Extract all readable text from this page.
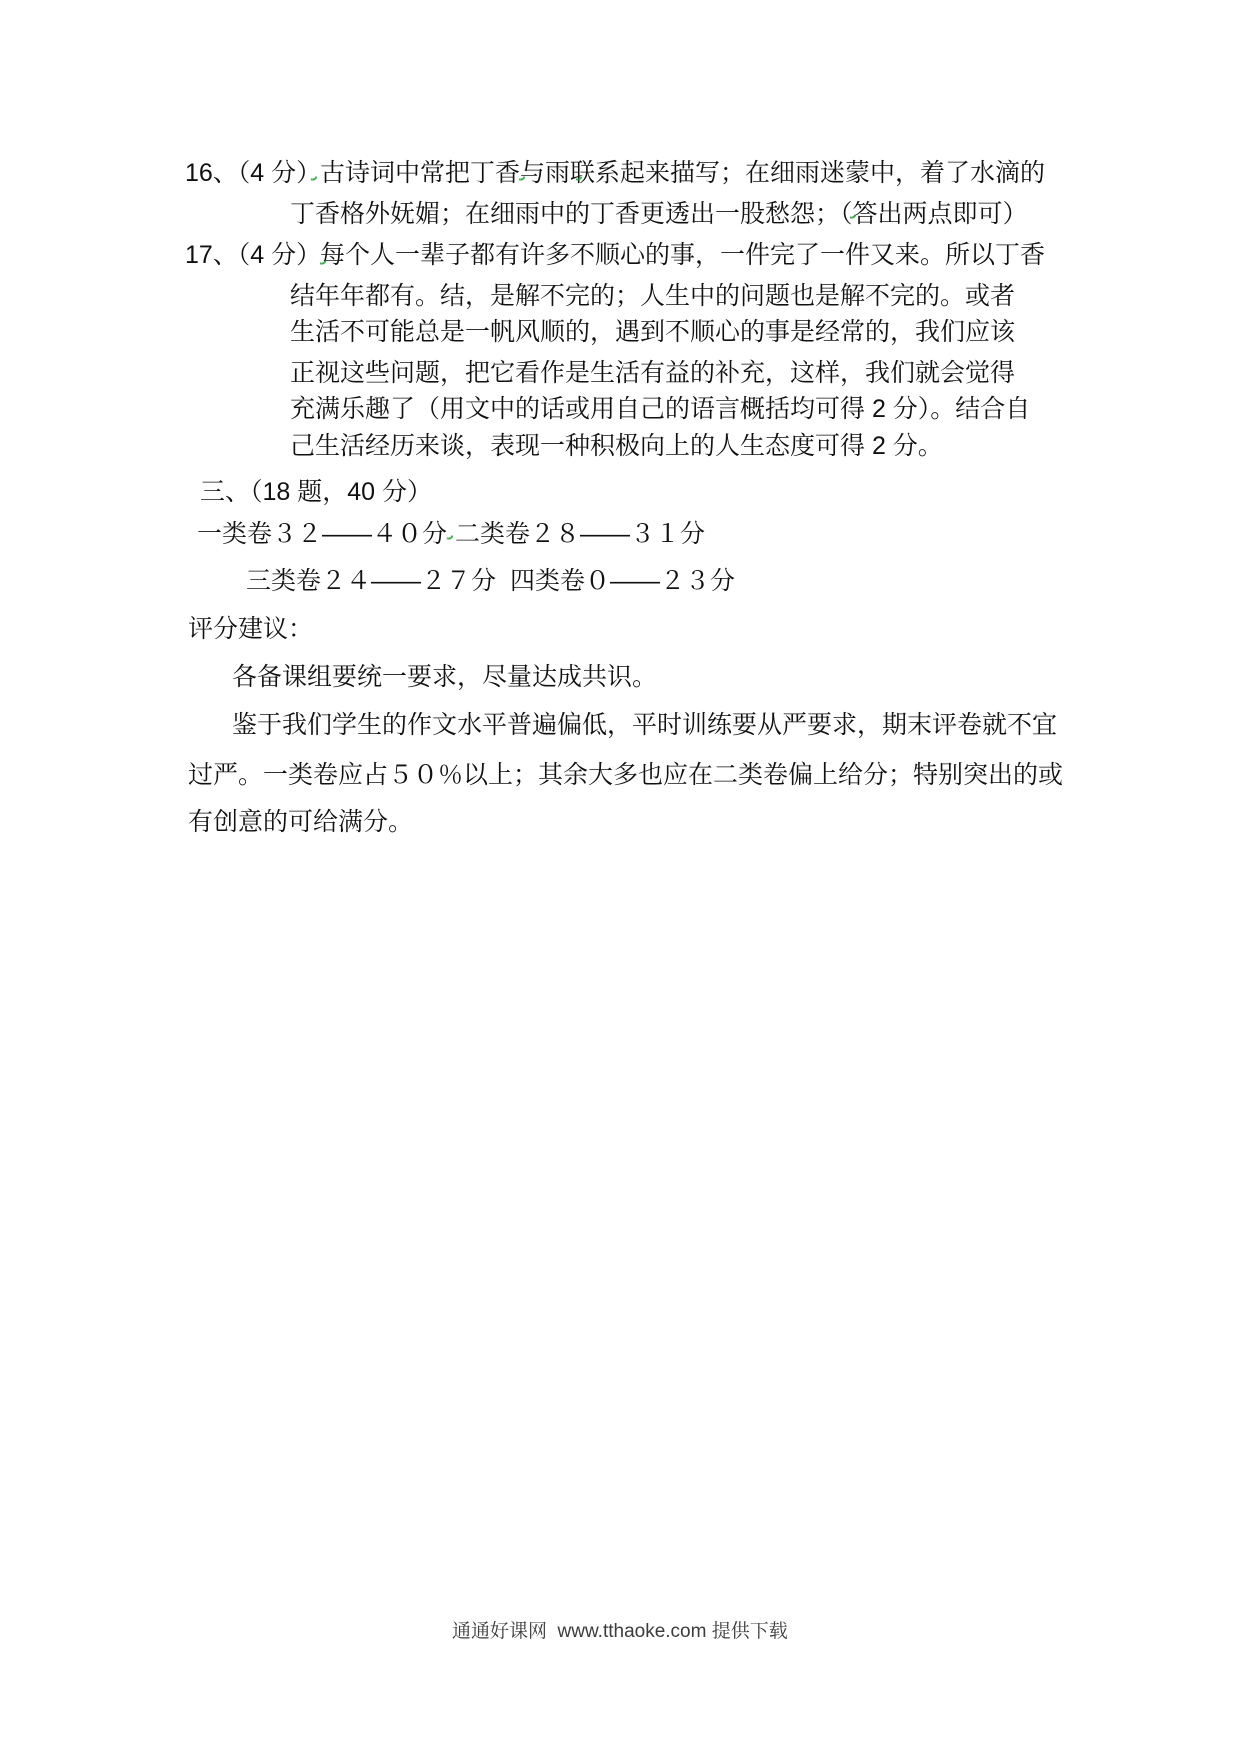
16、（4 分）古诗词中常把丁香与雨联系起来描写；在细雨迷蒙中，着了水滴的
丁香格外妩媚；在细雨中的丁香更透出一股愁怨；（答出两点即可）
17、（4 分）每个人一辈子都有许多不顺心的事，一件完了一件又来。所以丁香
结年年都有。结，是解不完的；人生中的问题也是解不完的。或者
生活不可能总是一帆风顺的，遇到不顺心的事是经常的，我们应该
正视这些问题，把它看作是生活有益的补充，这样，我们就会觉得
充满乐趣了（用文中的话或用自己的语言概括均可得 2 分）。结合自
己生活经历来谈，表现一种积极向上的人生态度可得 2 分。
三、（18 题，40 分）
一类卷３２——４０分 二类卷２８——３１分
三类卷２４——２７分 四类卷０——２３分
评分建议：
各备课组要统一要求，尽量达成共识。
鉴于我们学生的作文水平普遍偏低，平时训练要从严要求，期末评卷就不宜
过严。一类卷应占５０％以上；其余大多也应在二类卷偏上给分；特别突出的或
有创意的可给满分。
通通好课网  www.tthaoke.com 提供下载
